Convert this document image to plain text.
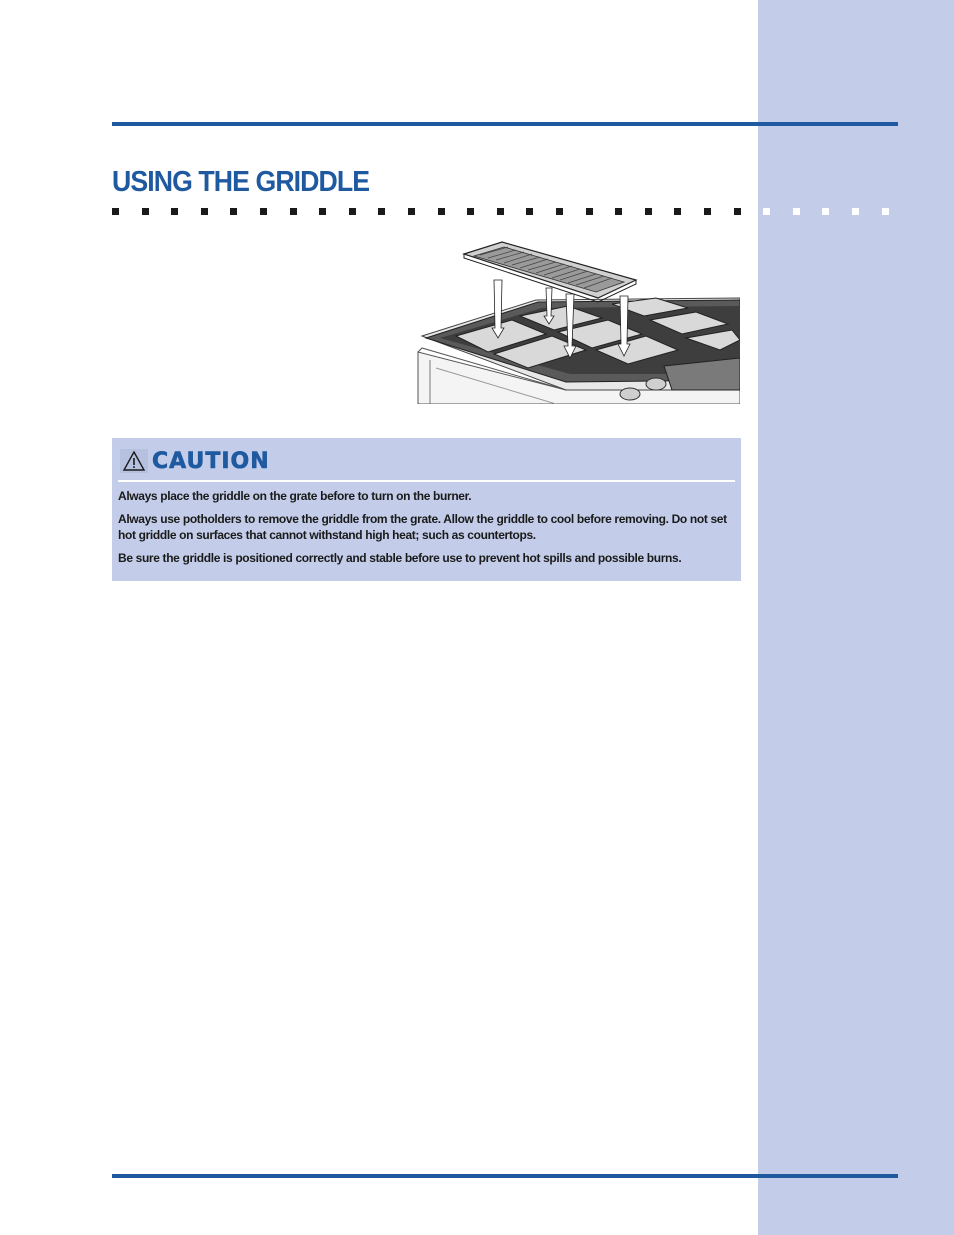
USING THE GRIDDLE
CAUTION

Always place the griddle on the grate before to turn on the burner.

Always use potholders to remove the griddle from the grate. Allow the griddle to cool before removing. Do not set hot griddle on surfaces that cannot withstand high heat; such as countertops.

Be sure the griddle is positioned correctly and stable before use to prevent hot spills and possible burns.
